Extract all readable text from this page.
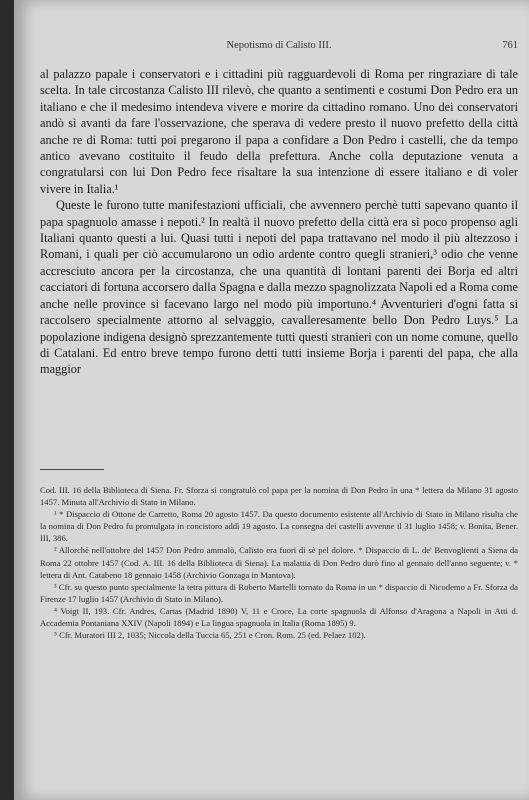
Nepotismo di Calisto III.	761

al palazzo papale i conservatori e i cittadini più ragguardevoli di Roma per ringraziare di tale scelta. In tale circostanza Calisto III rilevò, che quanto a sentimenti e costumi Don Pedro era un italiano e che il medesimo intendeva vivere e morire da cittadino romano. Uno dei conservatori andò sì avanti da fare l'osservazione, che sperava di vedere presto il nuovo prefetto della città anche re di Roma: tutti poi pregarono il papa a confidare a Don Pedro i castelli, che da tempo antico avevano costituito il feudo della prefettura. Anche colla deputazione venuta a congratularsi con lui Don Pedro fece risaltare la sua intenzione di essere italiano e di voler vivere in Italia.¹

Queste le furono tutte manifestazioni ufficiali, che avvennero perchè tutti sapevano quanto il papa spagnuolo amasse i nepoti.² In realtà il nuovo prefetto della città era sì poco propenso agli Italiani quanto questi a lui. Quasi tutti i nepoti del papa trattavano nel modo il più altezzoso i Romani, i quali per ciò accumularono un odio ardente contro quegli stranieri,³ odio che venne accresciuto ancora per la circostanza, che una quantità di lontani parenti dei Borja ed altri cacciatori di fortuna accorsero dalla Spagna e dalla mezzo spagnolizzata Napoli ed a Roma come anche nelle province si facevano largo nel modo più importuno.⁴ Avventurieri d'ogni fatta si raccolsero specialmente attorno al selvaggio, cavalleresamente bello Don Pedro Luys.⁵ La popolazione indigena designò sprezzantemente tutti questi stranieri con un nome comune, quello di Catalani. Ed entro breve tempo furono detti tutti insieme Borja i parenti del papa, che alla maggior

Cod. III. 16 della Biblioteca di Siena. Fr. Sforza si congratulò col papa per la nomina di Don Pedro in una * lettera da Milano 31 agosto 1457. Minuta all'Archivio di Stato in Milano.

¹ * Dispaccio di Ottone de Carretto, Roma 20 agosto 1457. Da questo documento esistente all'Archivio di Stato in Milano risulta che la nomina di Don Pedro fu promulgata in concistoro addì 19 agosto. La consegna dei castelli avvenne il 31 luglio 1458; v. Bonita, Bener. III, 386.

² Allorchè nell'ottobre del 1457 Don Pedro ammalò, Calisto era fuori di sè pel dolore. * Dispaccio di L. de' Benvoglienti a Siena da Roma 22 ottobre 1457 (Cod. A. III. 16 della Biblioteca di Siena). La malattia di Don Pedro durò fino al gennaio dell'anno seguente; v. * lettera di Ant. Catabeno 18 gennaio 1458 (Archivio Gonzaga in Mantova).

³ Cfr. su questo punto specialmente la tetra pittura di Roberto Martelli tornato da Roma in un * dispaccio di Nicodemo a Fr. Sforza da Firenze 17 luglio 1457 (Archivio di Stato in Milano).

⁴ Voigt II, 193. Cfr. Andres, Cartas (Madrid 1890) V, 11 e Croce, La corte spagnuola di Alfonso d'Aragona a Napoli in Atti d. Accademia Pontaniana XXIV (Napoli 1894) e La lingua spagnuola in Italia (Roma 1895) 9.

⁵ Cfr. Muratori III 2, 1035; Niccola della Tuccia 65, 251 e Cron. Rom. 25 (ed. Pelaez 102).
